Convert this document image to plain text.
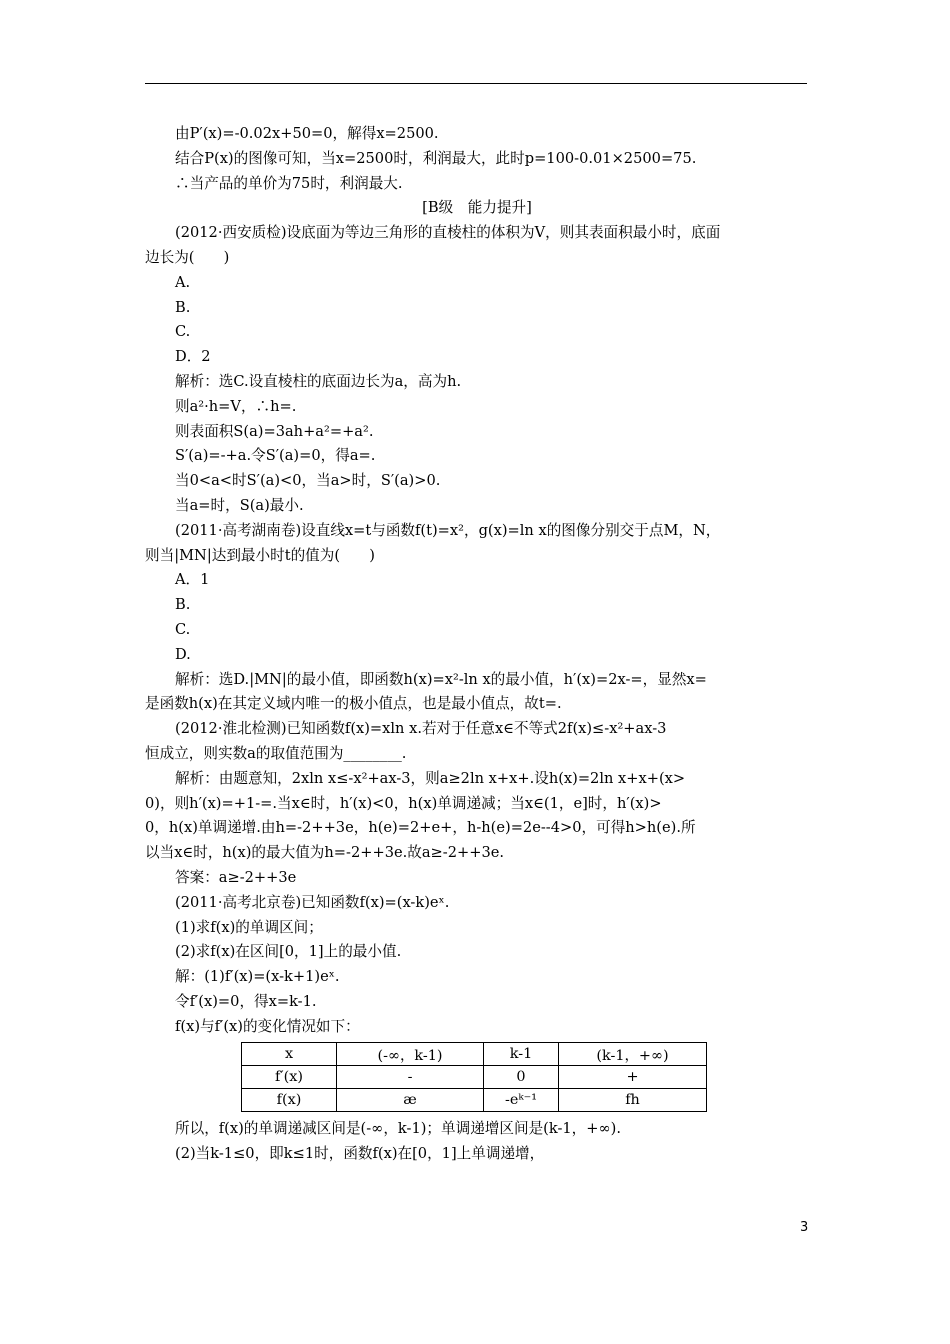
由P′(x)=-0.02x+50=0，解得x=2500.
结合P(x)的图像可知，当x=2500时，利润最大，此时p=100-0.01×2500=75.
∴当产品的单价为75时，利润最大.
[B级　能力提升]
(2012·西安质检)设底面为等边三角形的直棱柱的体积为V，则其表面积最小时，底面
边长为(　　)
A.
B.
C.
D．2
解析：选C.设直棱柱的底面边长为a，高为h.
则a²·h=V，∴h=.
则表面积S(a)=3ah+a²=+a².
S′(a)=-+a.令S′(a)=0，得a=.
当0<a<时S′(a)<0，当a>时，S′(a)>0.
当a=时，S(a)最小.
(2011·高考湖南卷)设直线x=t与函数f(t)=x²，g(x)=ln x的图像分别交于点M，N，
则当|MN|达到最小时t的值为(　　)
A．1
B.
C.
D.
解析：选D.|MN|的最小值，即函数h(x)=x²-ln x的最小值，h′(x)=2x-=，显然x=
是函数h(x)在其定义域内唯一的极小值点，也是最小值点，故t=.
(2012·淮北检测)已知函数f(x)=xln x.若对于任意x∈不等式2f(x)≤-x²+ax-3
恒成立，则实数a的取值范围为________.
解析：由题意知，2xln x≤-x²+ax-3，则a≥2ln x+x+.设h(x)=2ln x+x+(x>
0)，则h′(x)=+1-=.当x∈时，h′(x)<0，h(x)单调递减；当x∈(1，e]时，h′(x)>
0，h(x)单调递增.由h=-2++3e，h(e)=2+e+，h-h(e)=2e--4>0，可得h>h(e).所
以当x∈时，h(x)的最大值为h=-2++3e.故a≥-2++3e.
答案：a≥-2++3e
(2011·高考北京卷)已知函数f(x)=(x-k)eˣ.
(1)求f(x)的单调区间；
(2)求f(x)在区间[0，1]上的最小值.
解：(1)f′(x)=(x-k+1)eˣ.
令f′(x)=0，得x=k-1.
f(x)与f′(x)的变化情况如下：
x	(-∞，k-1)	k-1	(k-1，+∞)
f′(x)	-	0	+
f(x)	æ	-eᵏ⁻¹	fh
所以，f(x)的单调递减区间是(-∞，k-1)；单调递增区间是(k-1，+∞).
(2)当k-1≤0，即k≤1时，函数f(x)在[0，1]上单调递增，
3
